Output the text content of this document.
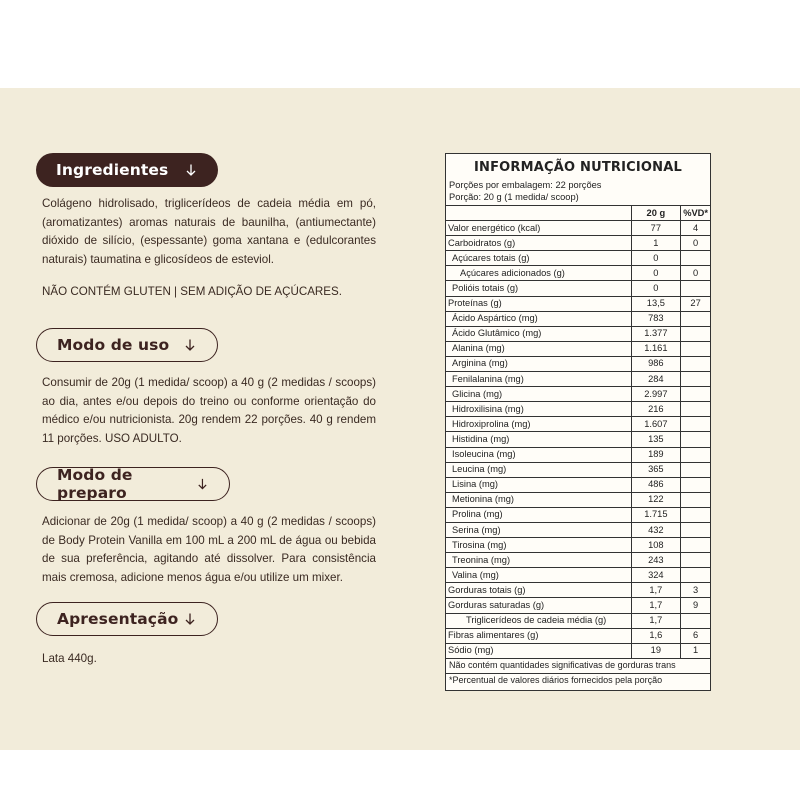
Ingredientes
Colágeno hidrolisado, triglicerídeos de cadeia média em pó, (aromatizantes) aromas naturais de baunilha, (antiumectante) dióxido de silício, (espessante) goma xantana e (edulcorantes naturais) taumatina e glicosídeos de esteviol.
NÃO CONTÉM GLUTEN | SEM ADIÇÃO DE AÇÚCARES.
Modo de uso
Consumir de 20g (1 medida/ scoop) a 40 g (2 medidas / scoops) ao dia, antes e/ou depois do treino ou conforme orientação do médico e/ou nutricionista. 20g rendem 22 porções. 40 g rendem 11 porções. USO ADULTO.
Modo de preparo
Adicionar de 20g (1 medida/ scoop) a 40 g (2 medidas / scoops) de Body Protein Vanilla em 100 mL a 200 mL de água ou bebida de sua preferência, agitando até dissolver. Para consistência mais cremosa, adicione menos água e/ou utilize um mixer.
Apresentação
Lata 440g.
INFORMAÇÃO NUTRICIONAL
Porções por embalagem: 22 porções
Porção: 20 g (1 medida/ scoop)
	20 g	%VD*
Valor energético (kcal)	77	4
Carboidratos (g)	1	0
Açúcares totais (g)	0	
Açúcares adicionados (g)	0	0
Polióis totais (g)	0	
Proteínas (g)	13,5	27
Ácido Aspártico (mg)	783	
Ácido Glutâmico (mg)	1.377	
Alanina (mg)	1.161	
Arginina (mg)	986	
Fenilalanina (mg)	284	
Glicina (mg)	2.997	
Hidroxilisina (mg)	216	
Hidroxiprolina (mg)	1.607	
Histidina (mg)	135	
Isoleucina (mg)	189	
Leucina (mg)	365	
Lisina (mg)	486	
Metionina (mg)	122	
Prolina (mg)	1.715	
Serina (mg)	432	
Tirosina (mg)	108	
Treonina (mg)	243	
Valina (mg)	324	
Gorduras totais (g)	1,7	3
Gorduras saturadas (g)	1,7	9
Triglicerídeos de cadeia média (g)	1,7	
Fibras alimentares (g)	1,6	6
Sódio (mg)	19	1
Não contém quantidades significativas de gorduras trans
*Percentual de valores diários fornecidos pela porção
